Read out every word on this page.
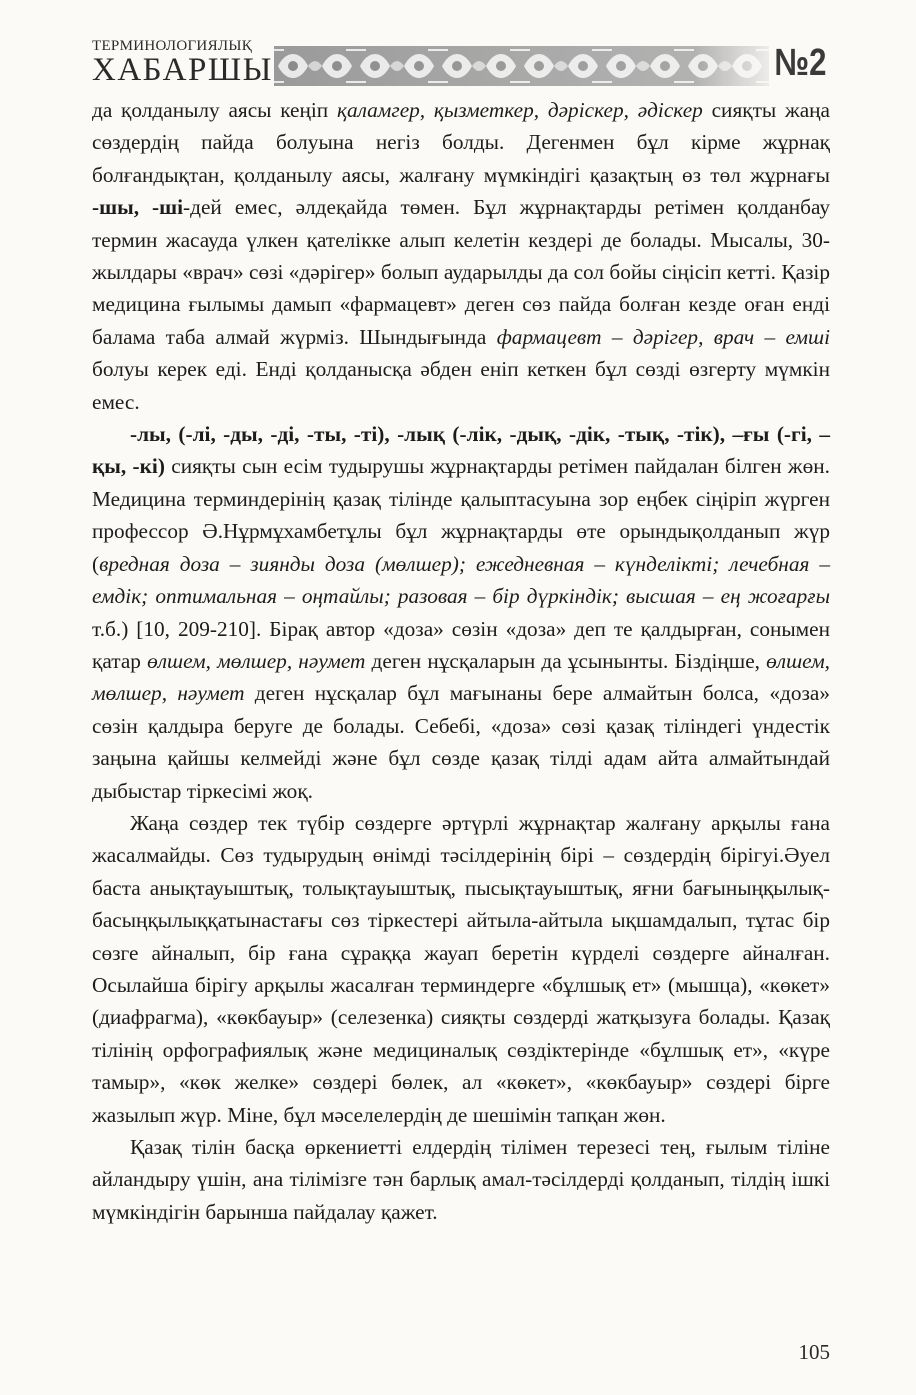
ТЕРМИНОЛОГИЯЛЫҚ
ХАБАРШЫ	№2

да қолданылу аясы кеңіп қаламгер, қызметкер, дәріскер, әдіскер сияқты жаңа сөздердің пайда болуына негіз болды. Дегенмен бұл кірме жұрнақ болғандықтан, қолданылу аясы, жалғану мүмкіндігі қазақтың өз төл жұрнағы -шы, -ші-дей емес, әлдеқайда төмен. Бұл жұрнақтарды ретімен қолданбау термин жасауда үлкен қателікке алып келетін кездері де болады. Мысалы, 30-жылдары «врач» сөзі «дәрігер» болып аударылды да сол бойы сіңісіп кетті. Қазір медицина ғылымы дамып «фармацевт» деген сөз пайда болған кезде оған енді балама таба алмай жүрміз. Шындығында фармацевт – дәрігер, врач – емші болуы керек еді. Енді қолданысқа әбден еніп кеткен бұл сөзді өзгерту мүмкін емес.

-лы, (-лі, -ды, -ді, -ты, -ті), -лық (-лік, -дық, -дік, -тық, -тік), –ғы (-гі, –қы, -кі) сияқты сын есім тудырушы жұрнақтарды ретімен пайдалан білген жөн. Медицина терминдерінің қазақ тілінде қалыптасуына зор еңбек сіңіріп жүрген профессор Ә.Нұрмұхамбетұлы бұл жұрнақтарды өте орындықолданып жүр (вредная доза – зиянды доза (мөлшер); ежедневная – күнделікті; лечебная –емдік; оптимальная – оңтайлы; разовая – бір дүркіндік; высшая – ең жоғарғы т.б.) [10, 209-210]. Бірақ автор «доза» сөзін «доза» деп те қалдырған, сонымен қатар өлшем, мөлшер, нәумет деген нұсқаларын да ұсынынты. Біздіңше, өлшем, мөлшер, нәумет деген нұсқалар бұл мағынаны бере алмайтын болса, «доза» сөзін қалдыра беруге де болады. Себебі, «доза» сөзі қазақ тіліндегі үндестік заңына қайшы келмейді және бұл сөзде қазақ тілді адам айта алмайтындай дыбыстар тіркесімі жоқ.

Жаңа сөздер тек түбір сөздерге әртүрлі жұрнақтар жалғану арқылы ғана жасалмайды. Сөз тудырудың өнімді тәсілдерінің бірі – сөздердің бірігуі.Әуел баста анықтауыштық, толықтауыштық, пысықтауыштық, яғни бағыныңқылық-басыңқылыққатынастағы сөз тіркестері айтыла-айтыла ықшамдалып, тұтас бір сөзге айналып, бір ғана сұраққа жауап беретін күрделі сөздерге айналған. Осылайша бірігу арқылы жасалған терминдерге «бұлшық ет» (мышца), «көкет» (диафрагма), «көкбауыр» (селезенка) сияқты сөздерді жатқызуға болады. Қазақ тілінің орфографиялық және медициналық сөздіктерінде «бұлшық ет», «күре тамыр», «көк желке» сөздері бөлек, ал «көкет», «көкбауыр» сөздері бірге жазылып жүр. Міне, бұл мәселелердің де шешімін тапқан жөн.

Қазақ тілін басқа өркениетті елдердің тілімен терезесі тең, ғылым тіліне айландыру үшін, ана тілімізге тән барлық амал-тәсілдерді қолданып, тілдің ішкі мүмкіндігін барынша пайдалау қажет.

105
